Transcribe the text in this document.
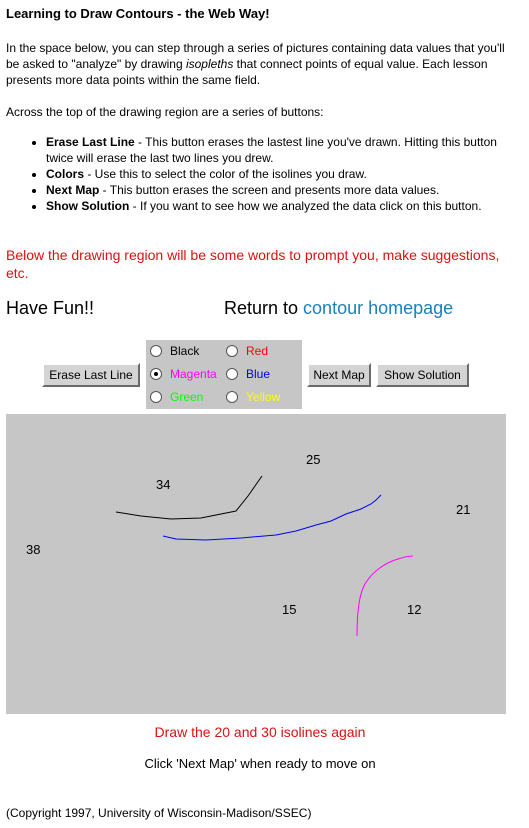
Learning to Draw Contours - the Web Way!

In the space below, you can step through a series of pictures containing data values that you'll be asked to "analyze" by drawing isopleths that connect points of equal value. Each lesson presents more data points within the same field.

Across the top of the drawing region are a series of buttons:

• Erase Last Line - This button erases the lastest line you've drawn. Hitting this button twice will erase the last two lines you drew.
• Colors - Use this to select the color of the isolines you draw.
• Next Map - This button erases the screen and presents more data values.
• Show Solution - If you want to see how we analyzed the data click on this button.

Below the drawing region will be some words to prompt you, make suggestions, etc.

Have Fun!!	Return to contour homepage
Erase Last Line
Black	Red
Magenta Blue
Green	Yellow
Next Map	Show Solution
25
34
21
38
15	12
Draw the 20 and 30 isolines again
Click 'Next Map' when ready to move on
(Copyright 1997, University of Wisconsin-Madison/SSEC)
